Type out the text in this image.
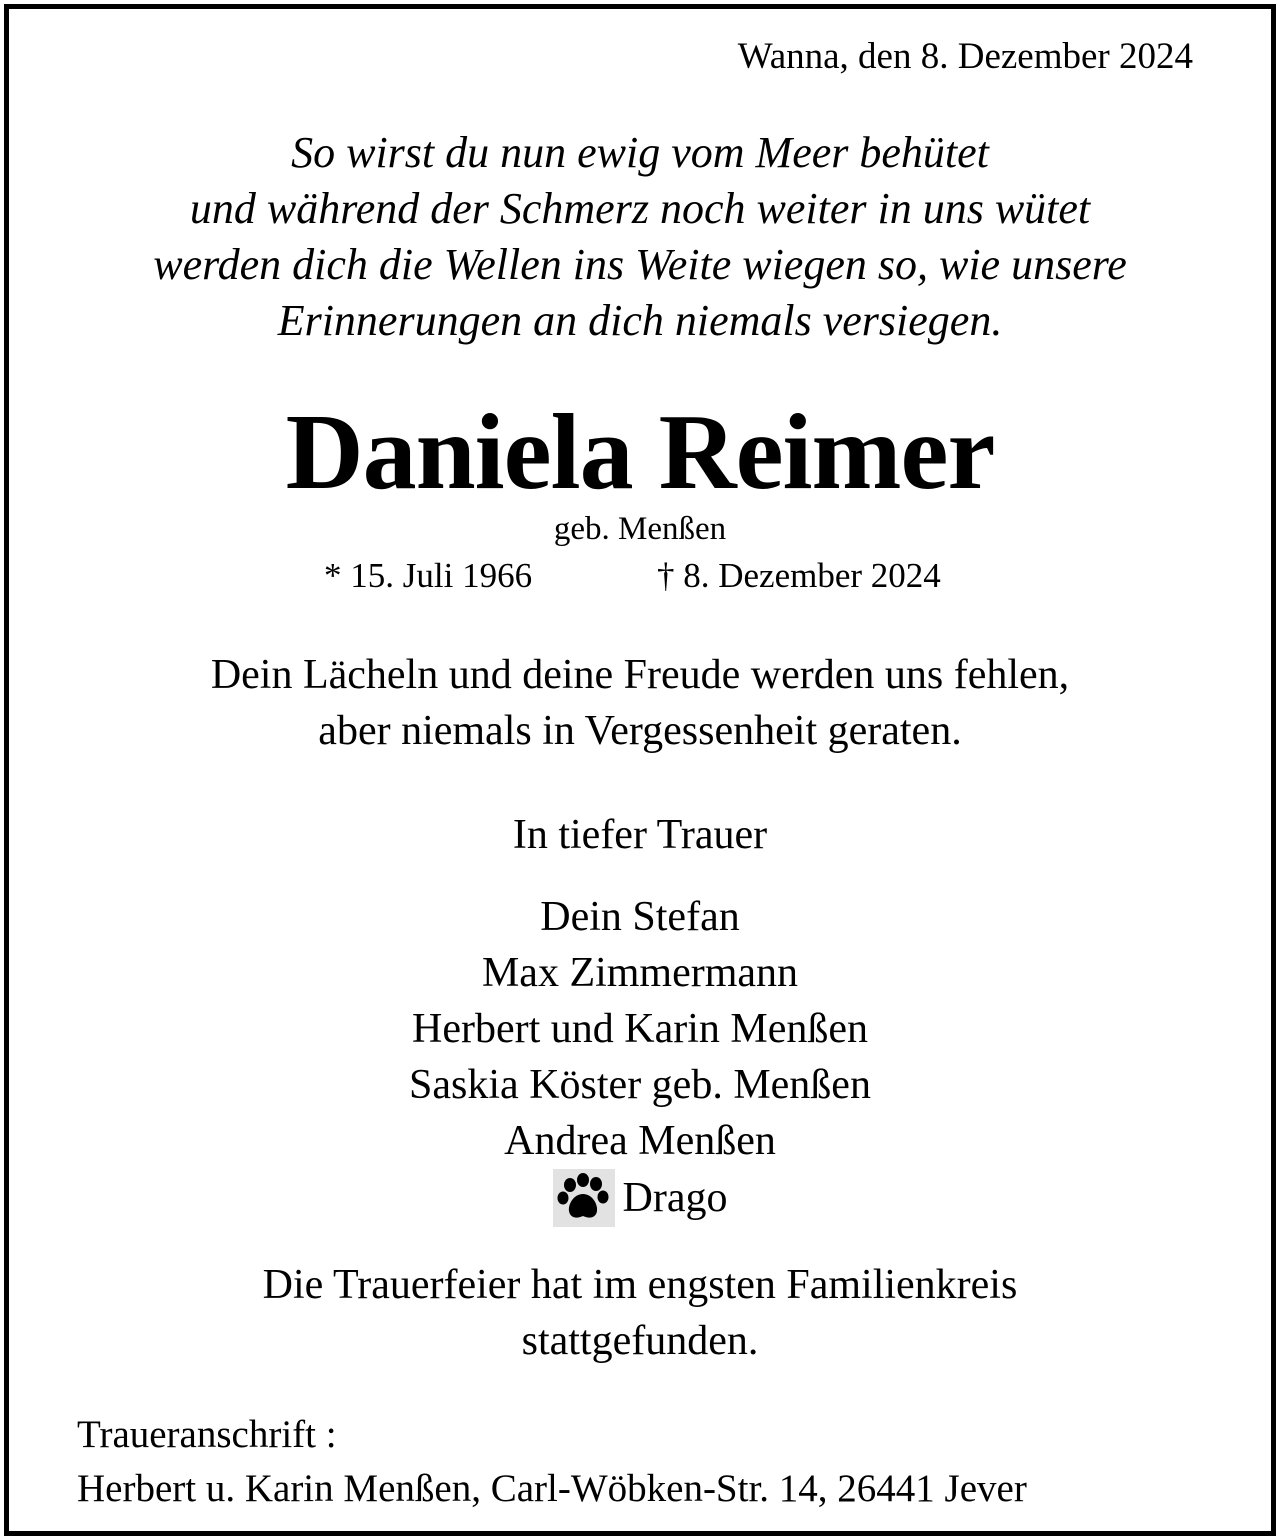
Wanna, den 8. Dezember 2024
So wirst du nun ewig vom Meer behütet
und während der Schmerz noch weiter in uns wütet
werden dich die Wellen ins Weite wiegen so, wie unsere
Erinnerungen an dich niemals versiegen.
Daniela Reimer
geb. Menßen
* 15. Juli 1966	† 8. Dezember 2024
Dein Lächeln und deine Freude werden uns fehlen,
aber niemals in Vergessenheit geraten.
In tiefer Trauer
Dein Stefan
Max Zimmermann
Herbert und Karin Menßen
Saskia Köster geb. Menßen
Andrea Menßen
Drago
Die Trauerfeier hat im engsten Familienkreis
stattgefunden.
Traueranschrift :
Herbert u. Karin Menßen, Carl-Wöbken-Str. 14, 26441 Jever
